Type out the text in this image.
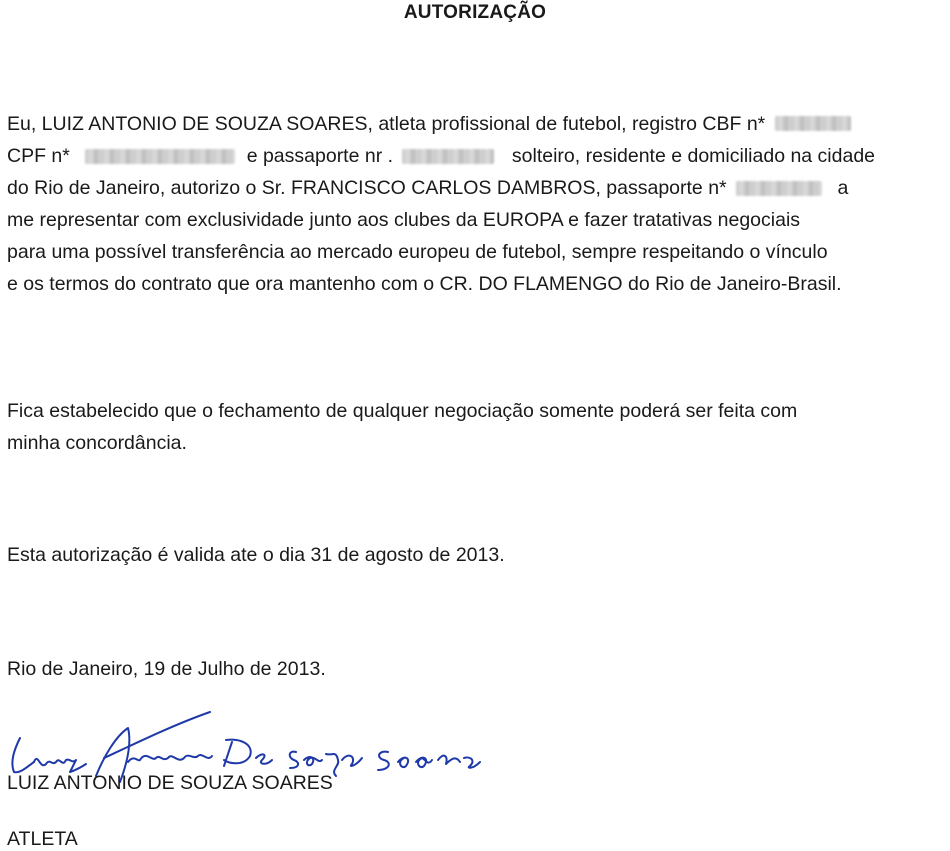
AUTORIZAÇÃO
Eu, LUIZ ANTONIO DE SOUZA SOARES, atleta profissional de futebol, registro CBF n*
CPF n*	e passaporte nr .	solteiro, residente e domiciliado na cidade
do Rio de Janeiro, autorizo o Sr. FRANCISCO CARLOS DAMBROS, passaporte n*	a
me representar com exclusividade junto aos clubes da EUROPA e fazer tratativas negociais
para uma possível transferência ao mercado europeu de futebol, sempre respeitando o vínculo
e os termos do contrato que ora mantenho com o CR. DO FLAMENGO do Rio de Janeiro-Brasil.
Fica estabelecido que o fechamento de qualquer negociação somente poderá ser feita com
minha concordância.
Esta autorização é valida ate o dia 31 de agosto de 2013.
Rio de Janeiro, 19 de Julho de 2013.
LUIZ ANTONIO DE SOUZA SOARES
ATLETA
